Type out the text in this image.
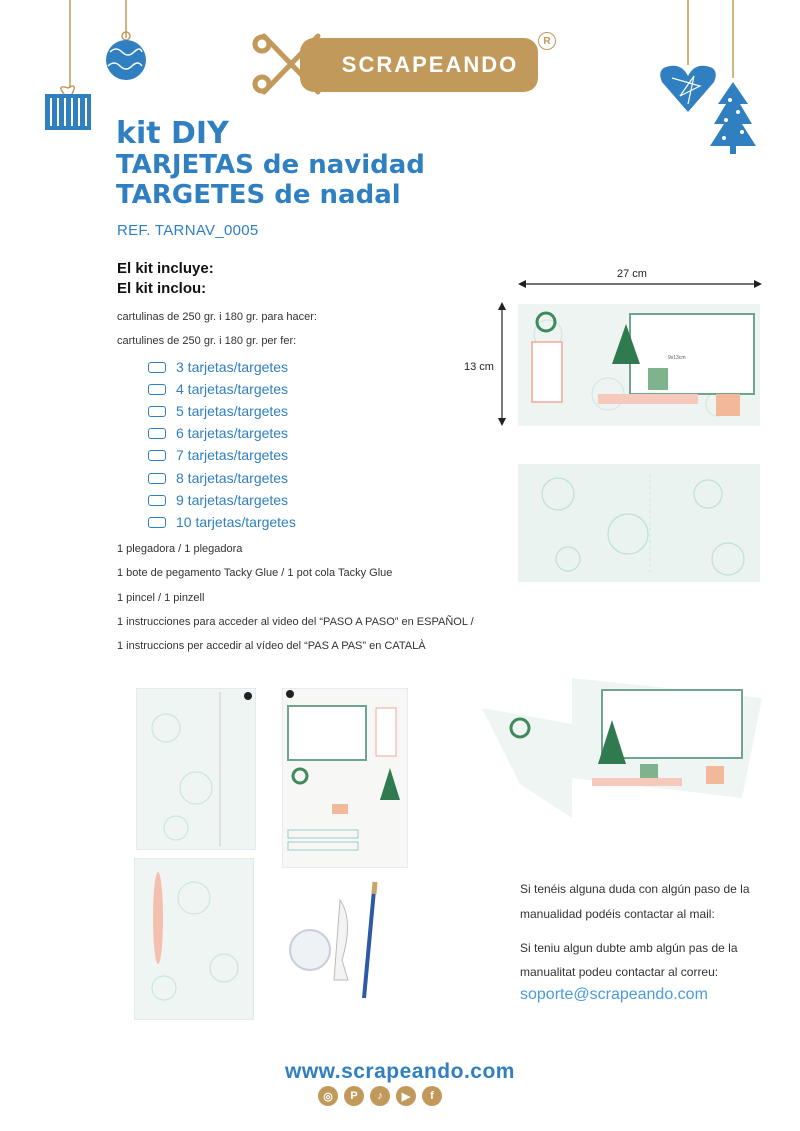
SCRAPEANDO
R
kit DIY
TARJETAS de navidad
TARGETES de nadal
REF. TARNAV_0005
El kit incluye:
El kit inclou:
cartulinas de 250 gr. i 180 gr. para hacer:
cartulines de 250 gr. i 180 gr. per fer:
3 tarjetas/targetes
4 tarjetas/targetes
5 tarjetas/targetes
6 tarjetas/targetes
7 tarjetas/targetes
8 tarjetas/targetes
9 tarjetas/targetes
10 tarjetas/targetes
1 plegadora / 1 plegadora
1 bote de pegamento Tacky Glue / 1 pot cola Tacky Glue
1 pincel / 1 pinzell
1 instrucciones para acceder al video del “PASO A PASO” en ESPAÑOL /
1 instruccions per accedir al vídeo del “PAS A PAS” en CATALÀ
27 cm
13 cm
9x13cm
Si tenéis alguna duda con algún paso de la
manualidad podéis contactar al mail:
Si teniu algun dubte amb algún pas de la
manualitat podeu contactar al correu:
soporte@scrapeando.com
www.scrapeando.com
◎	P	♪	▶	f
